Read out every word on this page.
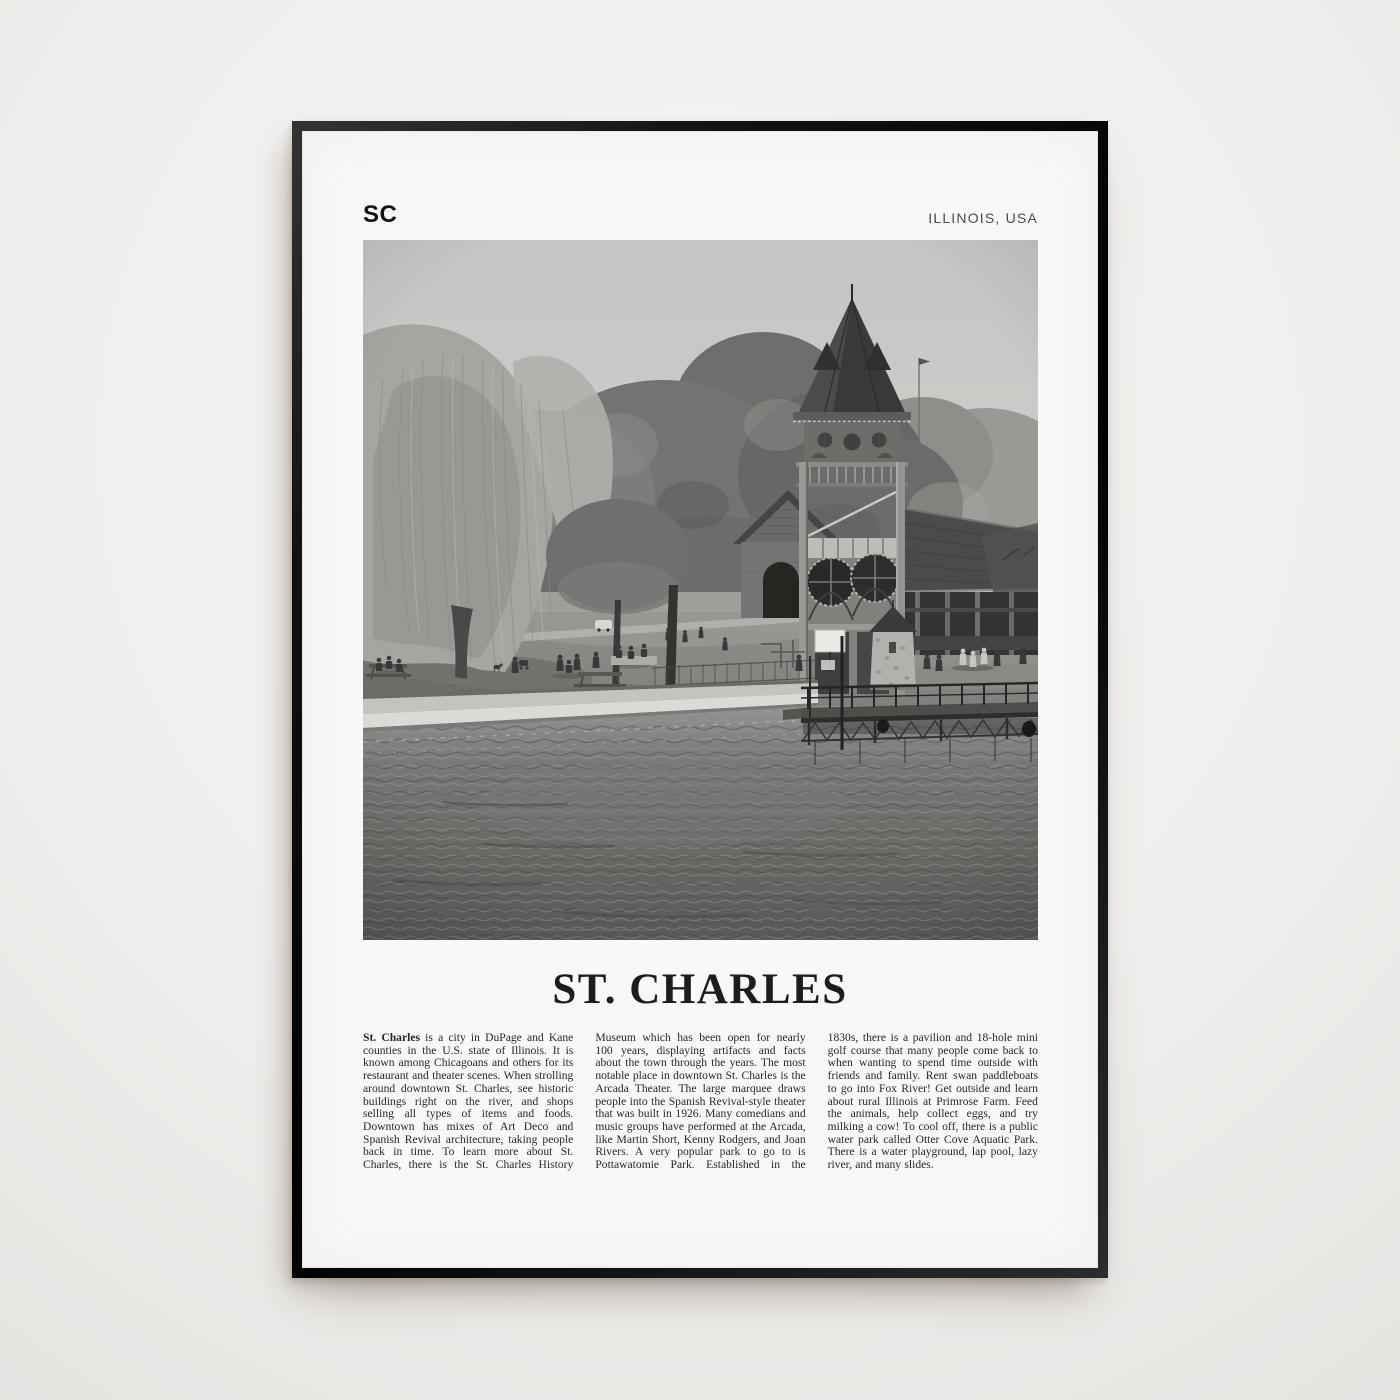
SC	ILLINOIS, USA
ST. CHARLES
St. Charles is a city in DuPage and Kane counties in the U.S. state of Illinois. It is known among Chicagoans and others for its restaurant and theater scenes. When strolling around downtown St. Charles, see historic buildings right on the river, and shops selling all types of items and foods. Downtown has mixes of Art Deco and Spanish Revival architecture, taking people back in time. To learn more about St. Charles, there is the St. Charles History Museum which has been open for nearly 100 years, displaying artifacts and facts about the town through the years. The most notable place in downtown St. Charles is the Arcada Theater. The large marquee draws people into the Spanish Revival-style theater that was built in 1926. Many comedians and music groups have performed at the Arcada, like Martin Short, Kenny Rodgers, and Joan Rivers. A very popular park to go to is Pottawatomie Park. Established in the 1830s, there is a pavilion and 18-hole mini golf course that many people come back to when wanting to spend time outside with friends and family. Rent swan paddleboats to go into Fox River! Get outside and learn about rural Illinois at Primrose Farm. Feed the animals, help collect eggs, and try milking a cow! To cool off, there is a public water park called Otter Cove Aquatic Park. There is a water playground, lap pool, lazy river, and many slides.
